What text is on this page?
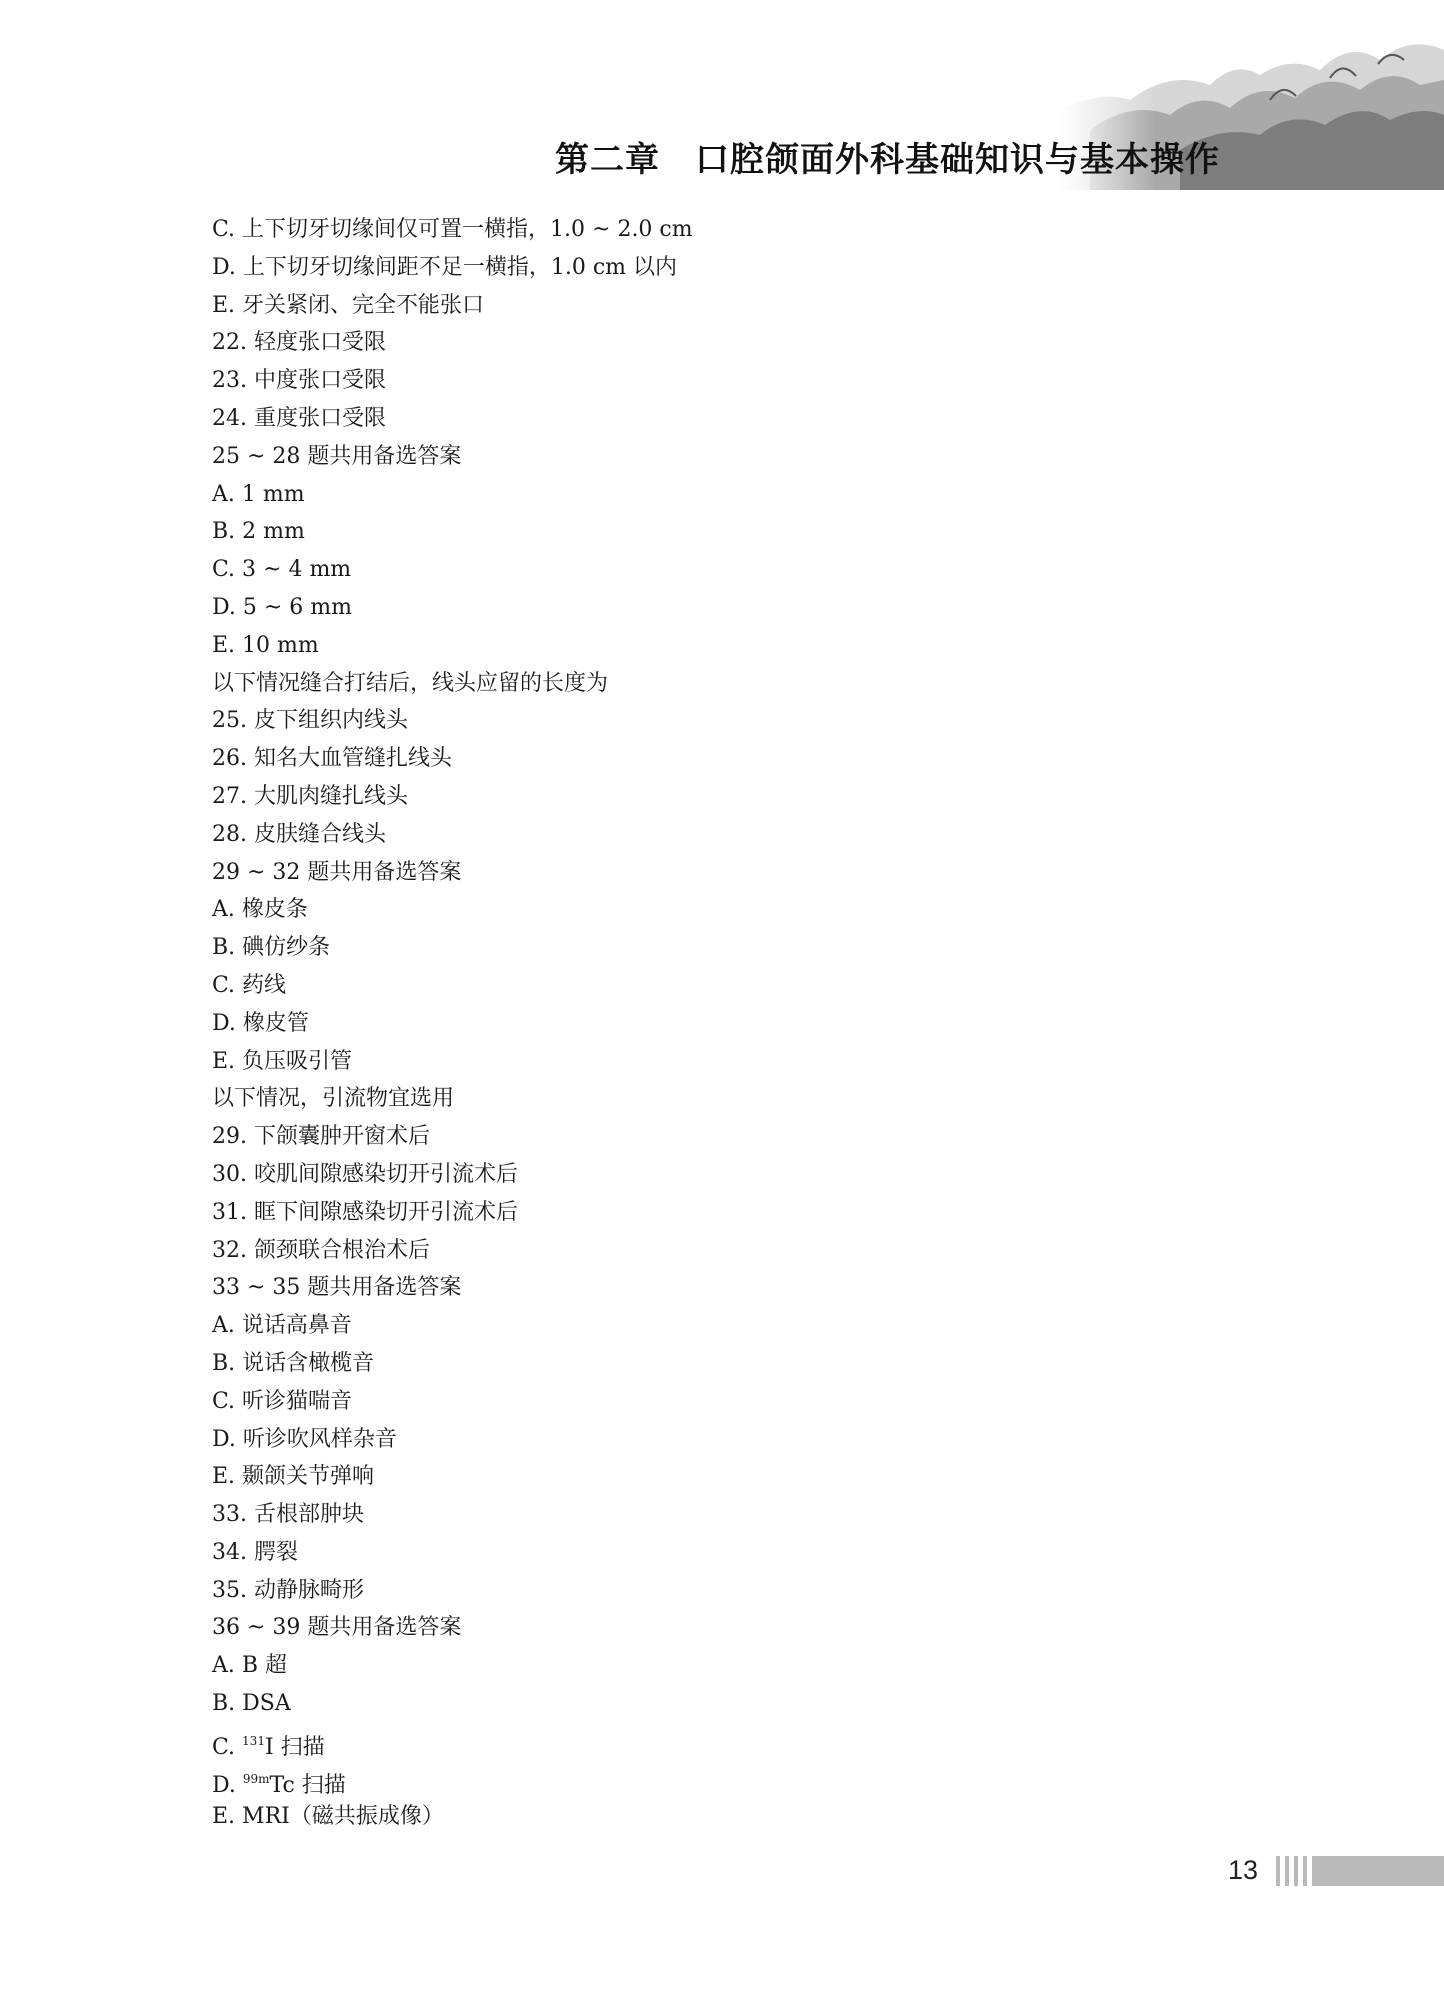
第二章　口腔颌面外科基础知识与基本操作
C. 上下切牙切缘间仅可置一横指，1.0 ~ 2.0 cm
D. 上下切牙切缘间距不足一横指，1.0 cm 以内
E. 牙关紧闭、完全不能张口
22. 轻度张口受限
23. 中度张口受限
24. 重度张口受限
25 ~ 28 题共用备选答案
A. 1 mm
B. 2 mm
C. 3 ~ 4 mm
D. 5 ~ 6 mm
E. 10 mm
以下情况缝合打结后，线头应留的长度为
25. 皮下组织内线头
26. 知名大血管缝扎线头
27. 大肌肉缝扎线头
28. 皮肤缝合线头
29 ~ 32 题共用备选答案
A. 橡皮条
B. 碘仿纱条
C. 药线
D. 橡皮管
E. 负压吸引管
以下情况，引流物宜选用
29. 下颌囊肿开窗术后
30. 咬肌间隙感染切开引流术后
31. 眶下间隙感染切开引流术后
32. 颌颈联合根治术后
33 ~ 35 题共用备选答案
A. 说话高鼻音
B. 说话含橄榄音
C. 听诊猫喘音
D. 听诊吹风样杂音
E. 颞颌关节弹响
33. 舌根部肿块
34. 腭裂
35. 动静脉畸形
36 ~ 39 题共用备选答案
A. B 超
B. DSA
C. $^{131}$I 扫描
D. $^{99m}$Tc 扫描
E. MRI（磁共振成像）
13
